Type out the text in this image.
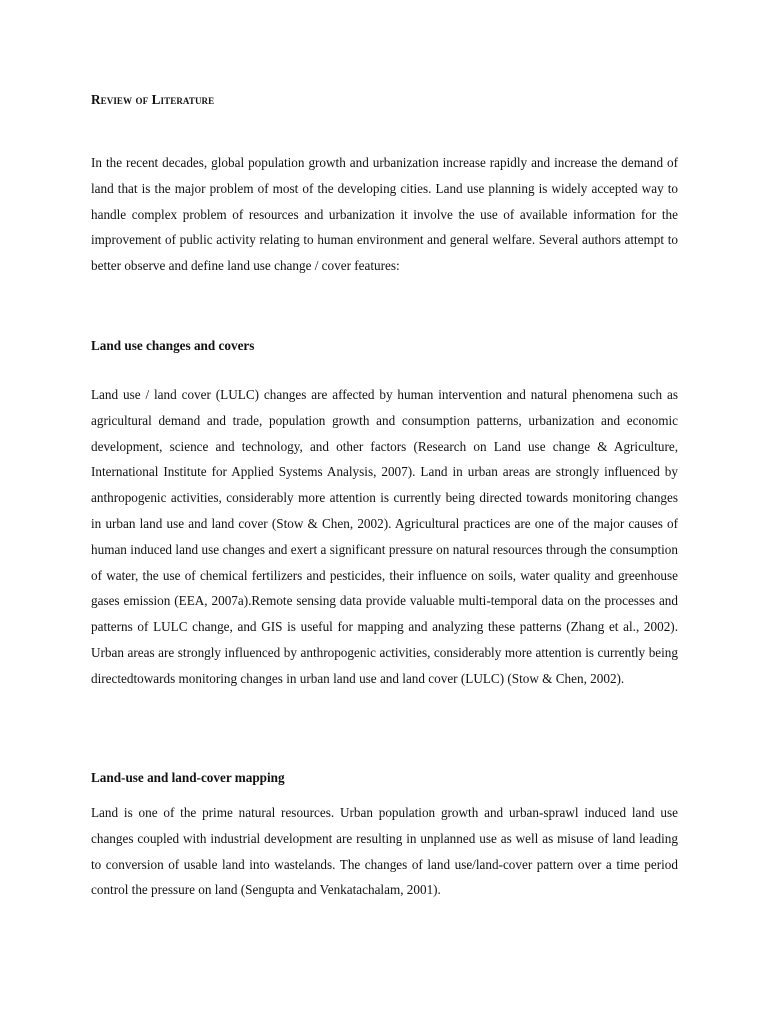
Review of Literature

In the recent decades, global population growth and urbanization increase rapidly and increase the demand of land that is the major problem of most of the developing cities. Land use planning is widely accepted way to handle complex problem of resources and urbanization it involve the use of available information for the improvement of public activity relating to human environment and general welfare. Several authors attempt to better observe and define land use change / cover features:

Land use changes and covers

Land use / land cover (LULC) changes are affected by human intervention and natural phenomena such as agricultural demand and trade, population growth and consumption patterns, urbanization and economic development, science and technology, and other factors (Research on Land use change & Agriculture, International Institute for Applied Systems Analysis, 2007). Land in urban areas are strongly influenced by anthropogenic activities, considerably more attention is currently being directed towards monitoring changes in urban land use and land cover (Stow & Chen, 2002). Agricultural practices are one of the major causes of human induced land use changes and exert a significant pressure on natural resources through the consumption of water, the use of chemical fertilizers and pesticides, their influence on soils, water quality and greenhouse gases emission (EEA, 2007a).Remote sensing data provide valuable multi-temporal data on the processes and patterns of LULC change, and GIS is useful for mapping and analyzing these patterns (Zhang et al., 2002). Urban areas are strongly influenced by anthropogenic activities, considerably more attention is currently being directedtowards monitoring changes in urban land use and land cover (LULC) (Stow & Chen, 2002).

Land-use and land-cover mapping

Land is one of the prime natural resources. Urban population growth and urban-sprawl induced land use changes coupled with industrial development are resulting in unplanned use as well as misuse of land leading to conversion of usable land into wastelands. The changes of land use/land-cover pattern over a time period control the pressure on land (Sengupta and Venkatachalam, 2001).
